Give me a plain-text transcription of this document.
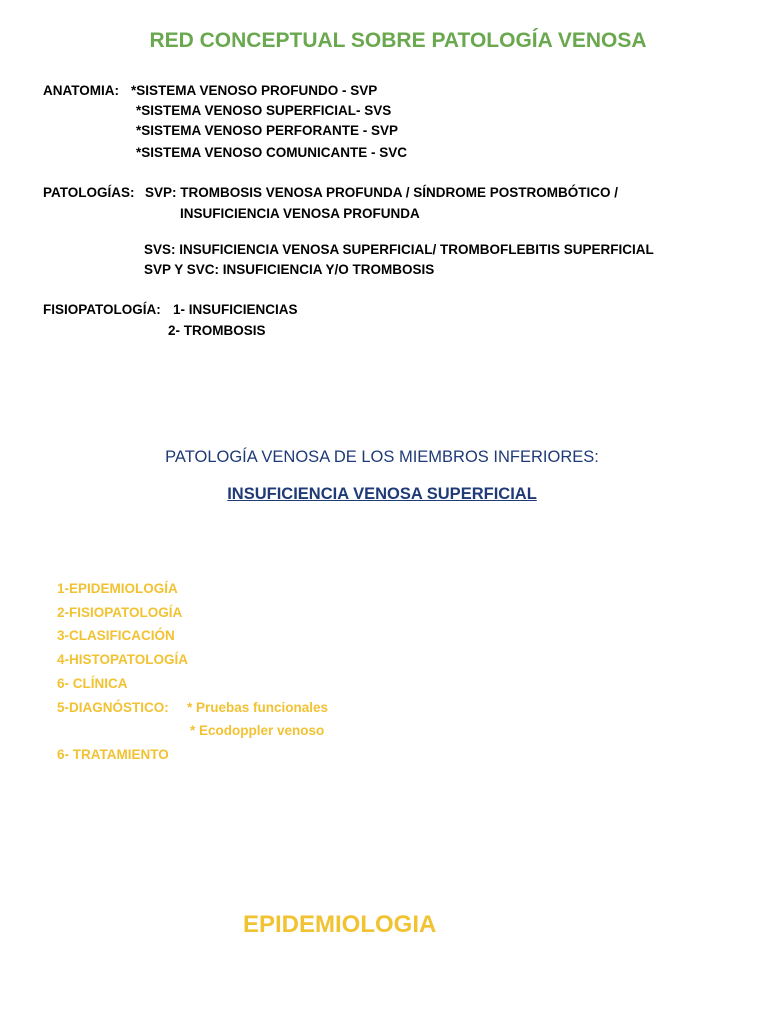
RED CONCEPTUAL SOBRE PATOLOGÍA VENOSA
ANATOMIA: *SISTEMA VENOSO PROFUNDO - SVP
*SISTEMA VENOSO SUPERFICIAL- SVS
*SISTEMA VENOSO PERFORANTE - SVP
*SISTEMA VENOSO COMUNICANTE - SVC
PATOLOGÍAS: SVP: TROMBOSIS VENOSA PROFUNDA / SÍNDROME POSTROMBÓTICO /
INSUFICIENCIA VENOSA PROFUNDA
SVS: INSUFICIENCIA VENOSA SUPERFICIAL/ TROMBOFLEBITIS SUPERFICIAL
SVP Y SVC: INSUFICIENCIA Y/O TROMBOSIS
FISIOPATOLOGÍA: 1- INSUFICIENCIAS
2- TROMBOSIS
PATOLOGÍA VENOSA DE LOS MIEMBROS INFERIORES:
INSUFICIENCIA VENOSA SUPERFICIAL
1-EPIDEMIOLOGÍA
2-FISIOPATOLOGÍA
3-CLASIFICACIÓN
4-HISTOPATOLOGÍA
6- CLÍNICA
5-DIAGNÓSTICO: * Pruebas funcionales
* Ecodoppler venoso
6- TRATAMIENTO
EPIDEMIOLOGIA
